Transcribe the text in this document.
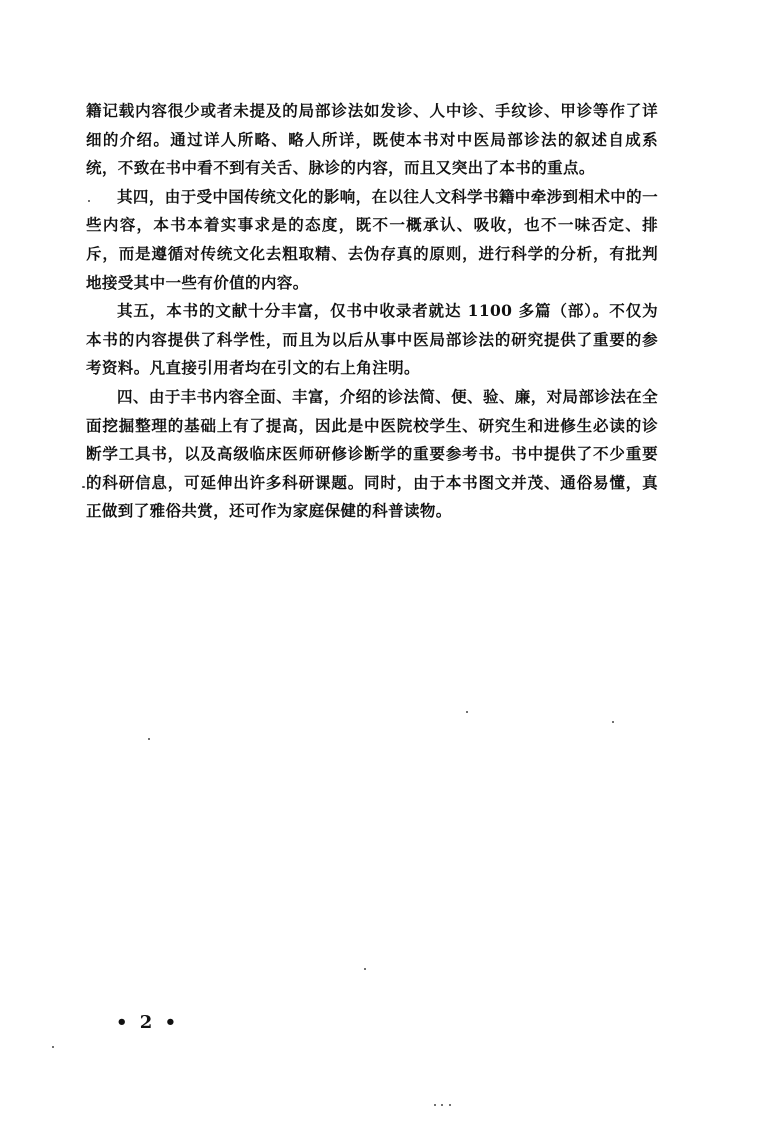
籍记载内容很少或者未提及的局部诊法如发诊、人中诊、手纹诊、甲诊等作了详细的介绍。通过详人所略、略人所详，既使本书对中医局部诊法的叙述自成系统，不致在书中看不到有关舌、脉诊的内容，而且又突出了本书的重点。

其四，由于受中国传统文化的影响，在以往人文科学书籍中牵涉到相术中的一些内容，本书本着实事求是的态度，既不一概承认、吸收，也不一味否定、排斥，而是遵循对传统文化去粗取精、去伪存真的原则，进行科学的分析，有批判地接受其中一些有价值的内容。

其五，本书的文献十分丰富，仅书中收录者就达 1100 多篇（部）。不仅为本书的内容提供了科学性，而且为以后从事中医局部诊法的研究提供了重要的参考资料。凡直接引用者均在引文的右上角注明。

四、由于丰书内容全面、丰富，介绍的诊法简、便、验、廉，对局部诊法在全面挖掘整理的基础上有了提高，因此是中医院校学生、研究生和进修生必读的诊断学工具书，以及高级临床医师研修诊断学的重要参考书。书中提供了不少重要的科研信息，可延伸出许多科研课题。同时，由于本书图文并茂、通俗易懂，真正做到了雅俗共赏，还可作为家庭保健的科普读物。

• 2 •
